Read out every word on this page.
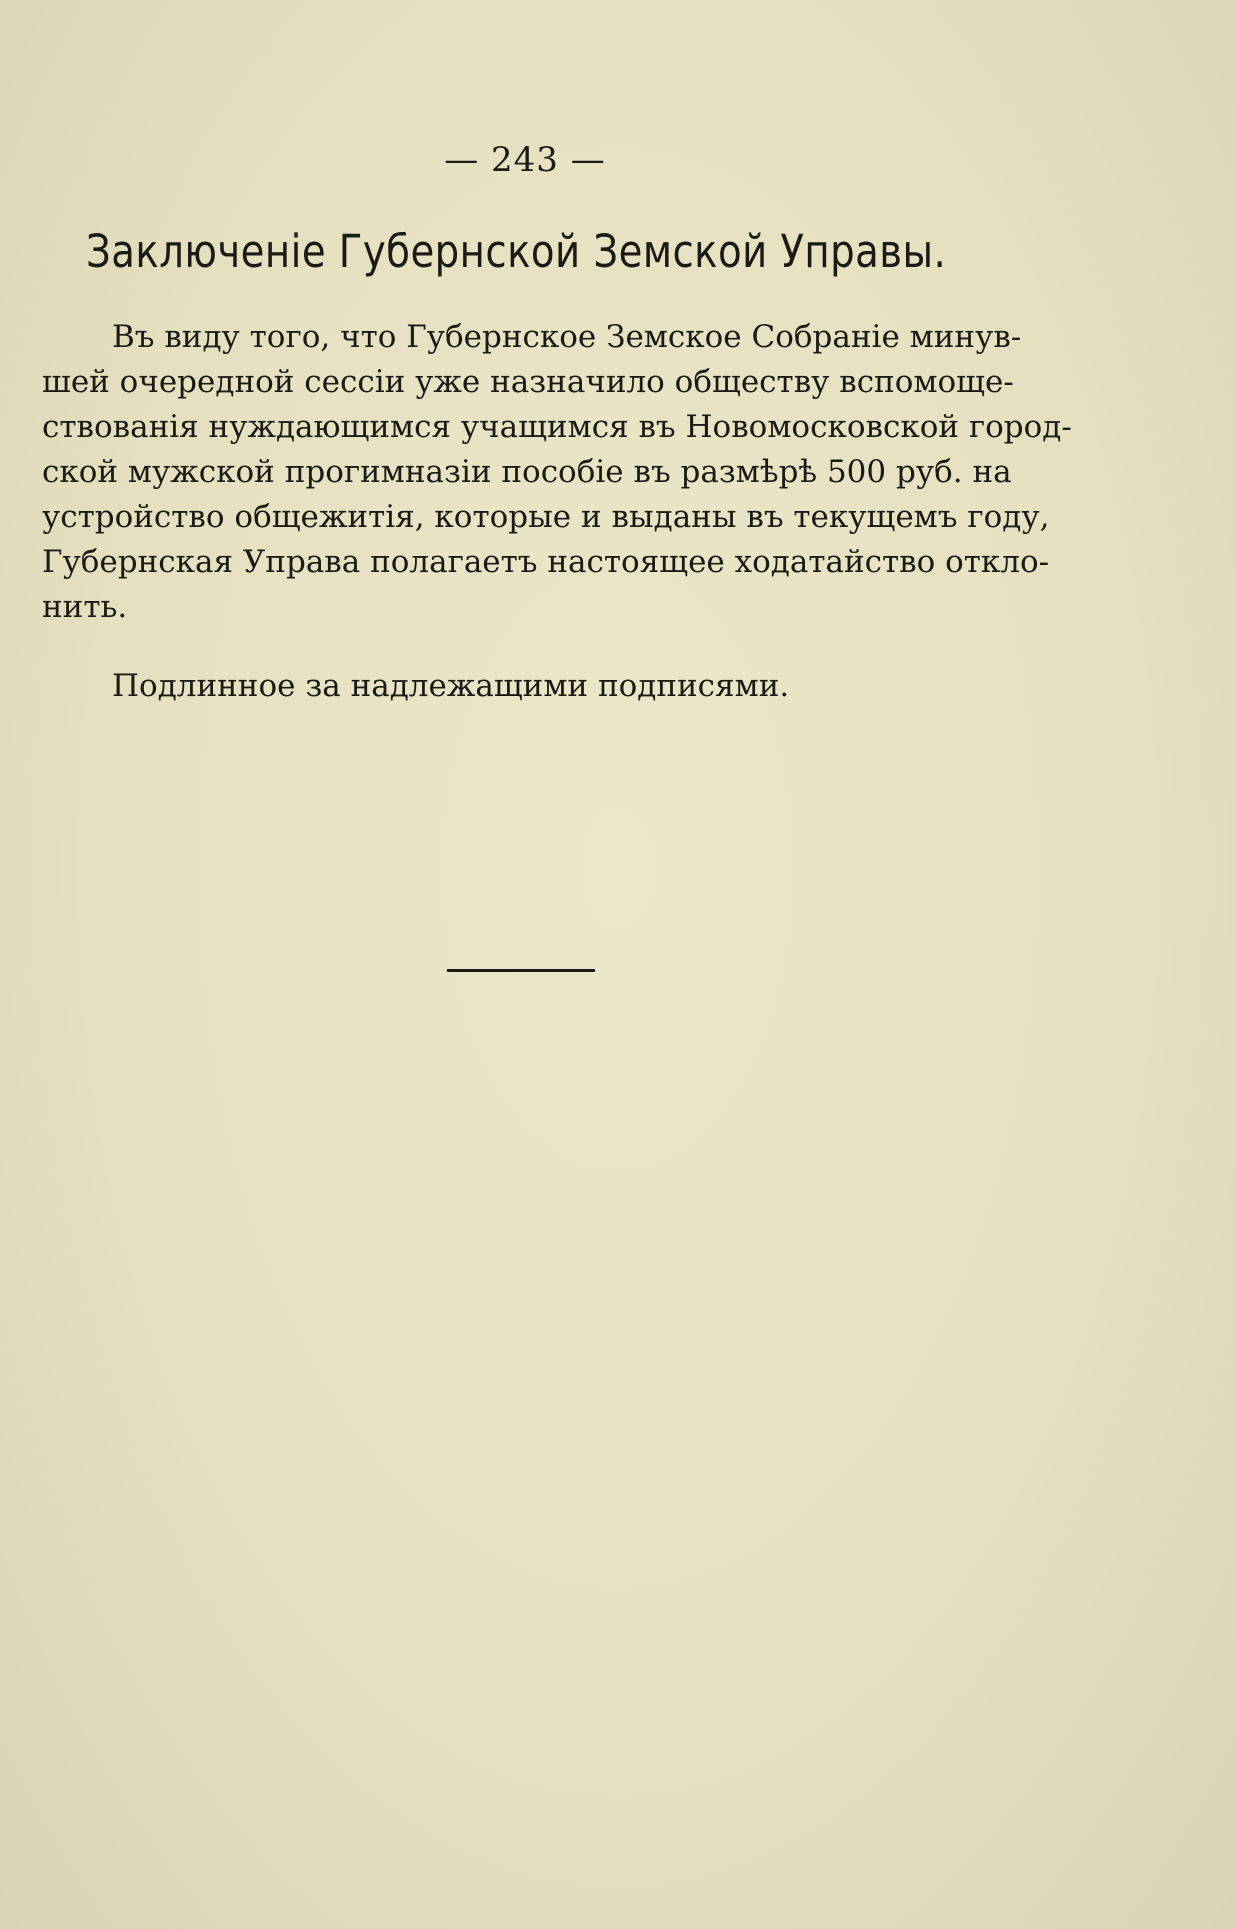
— 243 —
Заключеніе Губернской Земской Управы.
Въ виду того, что Губернское Земское Собраніе минув-
шей очередной сессіи уже назначило обществу вспомоще-
ствованія нуждающимся учащимся въ Новомосковской город-
ской мужской прогимназіи пособіе въ размѣрѣ 500 руб. на
устройство общежитія, которые и выданы въ текущемъ году,
Губернская Управа полагаетъ настоящее ходатайство откло-
нить.
Подлинное за надлежащими подписями.
